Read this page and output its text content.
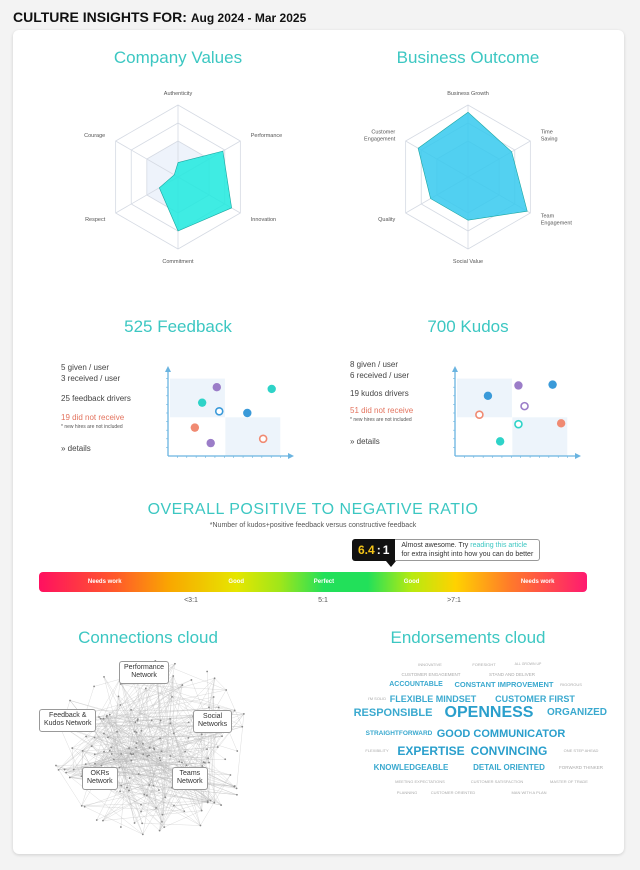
CULTURE INSIGHTS FOR: Aug 2024 - Mar 2025
Company Values	Business Outcome
Authenticity
Performance
Innovation
Commitment
Respect
Courage
Business Growth
Time Saving
Team Engagement
Social Value
Quality
Customer Engagement
525 Feedback	700 Kudos
5 given / user
3 received / user
25 feedback drivers
19 did not receive
* new hires are not included
» details
8 given / user
6 received / user
19 kudos drivers
51 did not receive
* new hires are not included
» details
OVERALL POSITIVE TO NEGATIVE RATIO
*Number of kudos+positive feedback versus constructive feedback
6.4 : 1 Almost awesome. Try reading this article
for extra insight into how you can do better
Needs work	Good	Perfect	Good	Needs work
<3:1	5:1	>7:1
Connections cloud
Performance
Network
Feedback &
Kudos Network
Social
Networks
OKRs
Network
Teams
Network
Endorsements cloud
INNOVATIVE	FORESIGHT	ALL GROWN UP
CUSTOMER ENGAGEMENT	STAND AND DELIVER
ACCOUNTABLE CONSTANT IMPROVEMENT RIGOROUS
I'M SOLID FLEXIBLE MINDSET CUSTOMER FIRST
RESPONSIBLE OPENNESS ORGANIZED
STRAIGHTFORWARD GOOD COMMUNICATOR
FLEXIBILITY EXPERTISE CONVINCING	ONE STEP AHEAD
KNOWLEDGEABLE	DETAIL ORIENTED	FORWARD THINKER
MEETING EXPECTATIONS	CUSTOMER SATISFACTION	MASTER OF TRADE
PLANNING	CUSTOMER ORIENTED	MAN WITH A PLAN
